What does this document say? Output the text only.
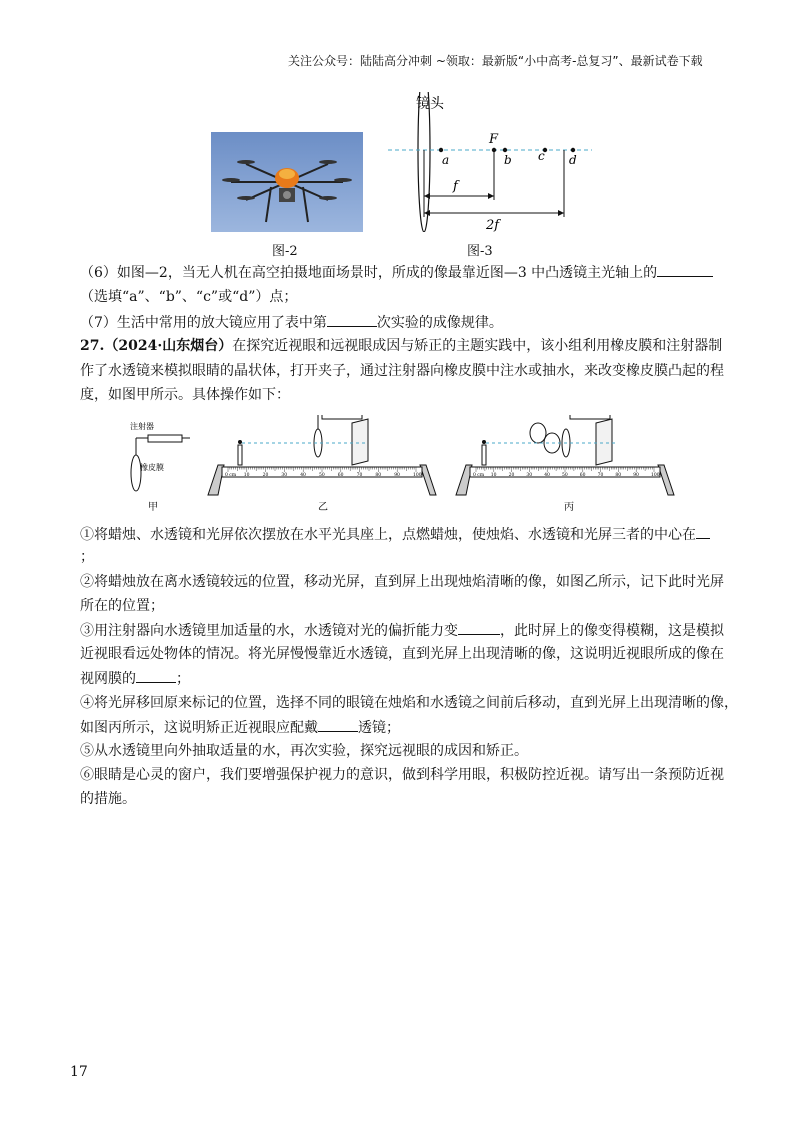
关注公众号：陆陆高分冲刺 ~领取：最新版“小中高考-总复习”、最新试卷下载
图-2
镜头
a
F
b c d
f
2f
图-3
（6）如图—2，当无人机在高空拍摄地面场景时，所成的像最靠近图—3 中凸透镜主光轴上的
（选填“a”、“b”、“c”或“d”）点；
（7）生活中常用的放大镜应用了表中第	次实验的成像规律。
27.（2024·山东烟台）在探究近视眼和远视眼成因与矫正的主题实践中，该小组利用橡皮膜和注射器制
作了水透镜来模拟眼睛的晶状体，打开夹子，通过注射器向橡皮膜中注水或抽水，来改变橡皮膜凸起的程
度，如图甲所示。具体操作如下：
注射器
橡皮膜
甲	乙	丙
0 cm 10	20	30	40	50	60	70	80	90	100	0 cm 10	20	30	40	50	60	70	80	90	100
①将蜡烛、水透镜和光屏依次摆放在水平光具座上，点燃蜡烛，使烛焰、水透镜和光屏三者的中心在
；
②将蜡烛放在离水透镜较远的位置，移动光屏，直到屏上出现烛焰清晰的像，如图乙所示，记下此时光屏
所在的位置；
③用注射器向水透镜里加适量的水，水透镜对光的偏折能力变	，此时屏上的像变得模糊，这是模拟
近视眼看远处物体的情况。将光屏慢慢靠近水透镜，直到光屏上出现清晰的像，这说明近视眼所成的像在
视网膜的	；
④将光屏移回原来标记的位置，选择不同的眼镜在烛焰和水透镜之间前后移动，直到光屏上出现清晰的像，
如图丙所示，这说明矫正近视眼应配戴	透镜；
⑤从水透镜里向外抽取适量的水，再次实验，探究远视眼的成因和矫正。
⑥眼睛是心灵的窗户，我们要增强保护视力的意识，做到科学用眼，积极防控近视。请写出一条预防近视
的措施。
17
